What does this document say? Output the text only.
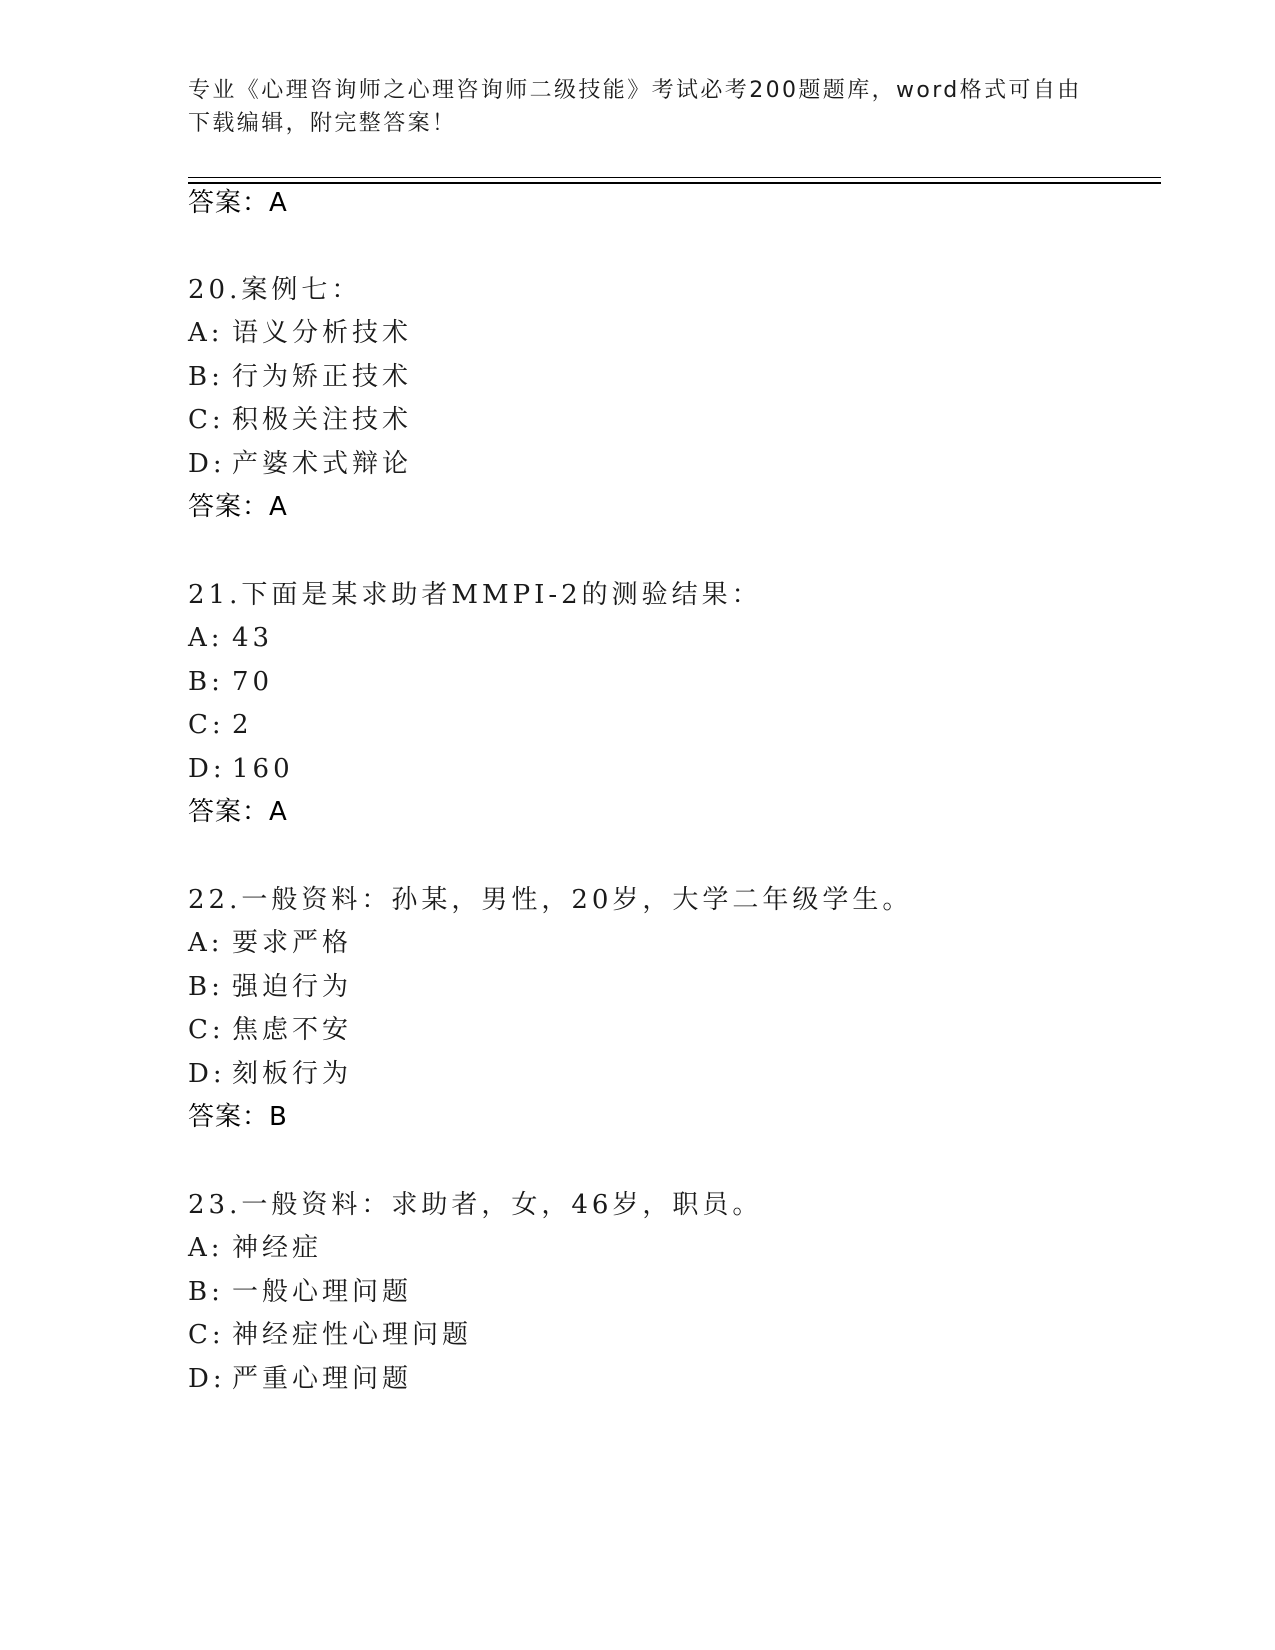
专业《心理咨询师之心理咨询师二级技能》考试必考200题题库，word格式可自由下载编辑，附完整答案！
答案：A
20.案例七：
A: 语义分析技术
B: 行为矫正技术
C: 积极关注技术
D: 产婆术式辩论
答案：A
21.下面是某求助者MMPI-2的测验结果：
A: 43
B: 70
C: 2
D: 160
答案：A
22.一般资料：孙某，男性，20岁，大学二年级学生。
A: 要求严格
B: 强迫行为
C: 焦虑不安
D: 刻板行为
答案：B
23.一般资料：求助者，女，46岁，职员。
A: 神经症
B: 一般心理问题
C: 神经症性心理问题
D: 严重心理问题
